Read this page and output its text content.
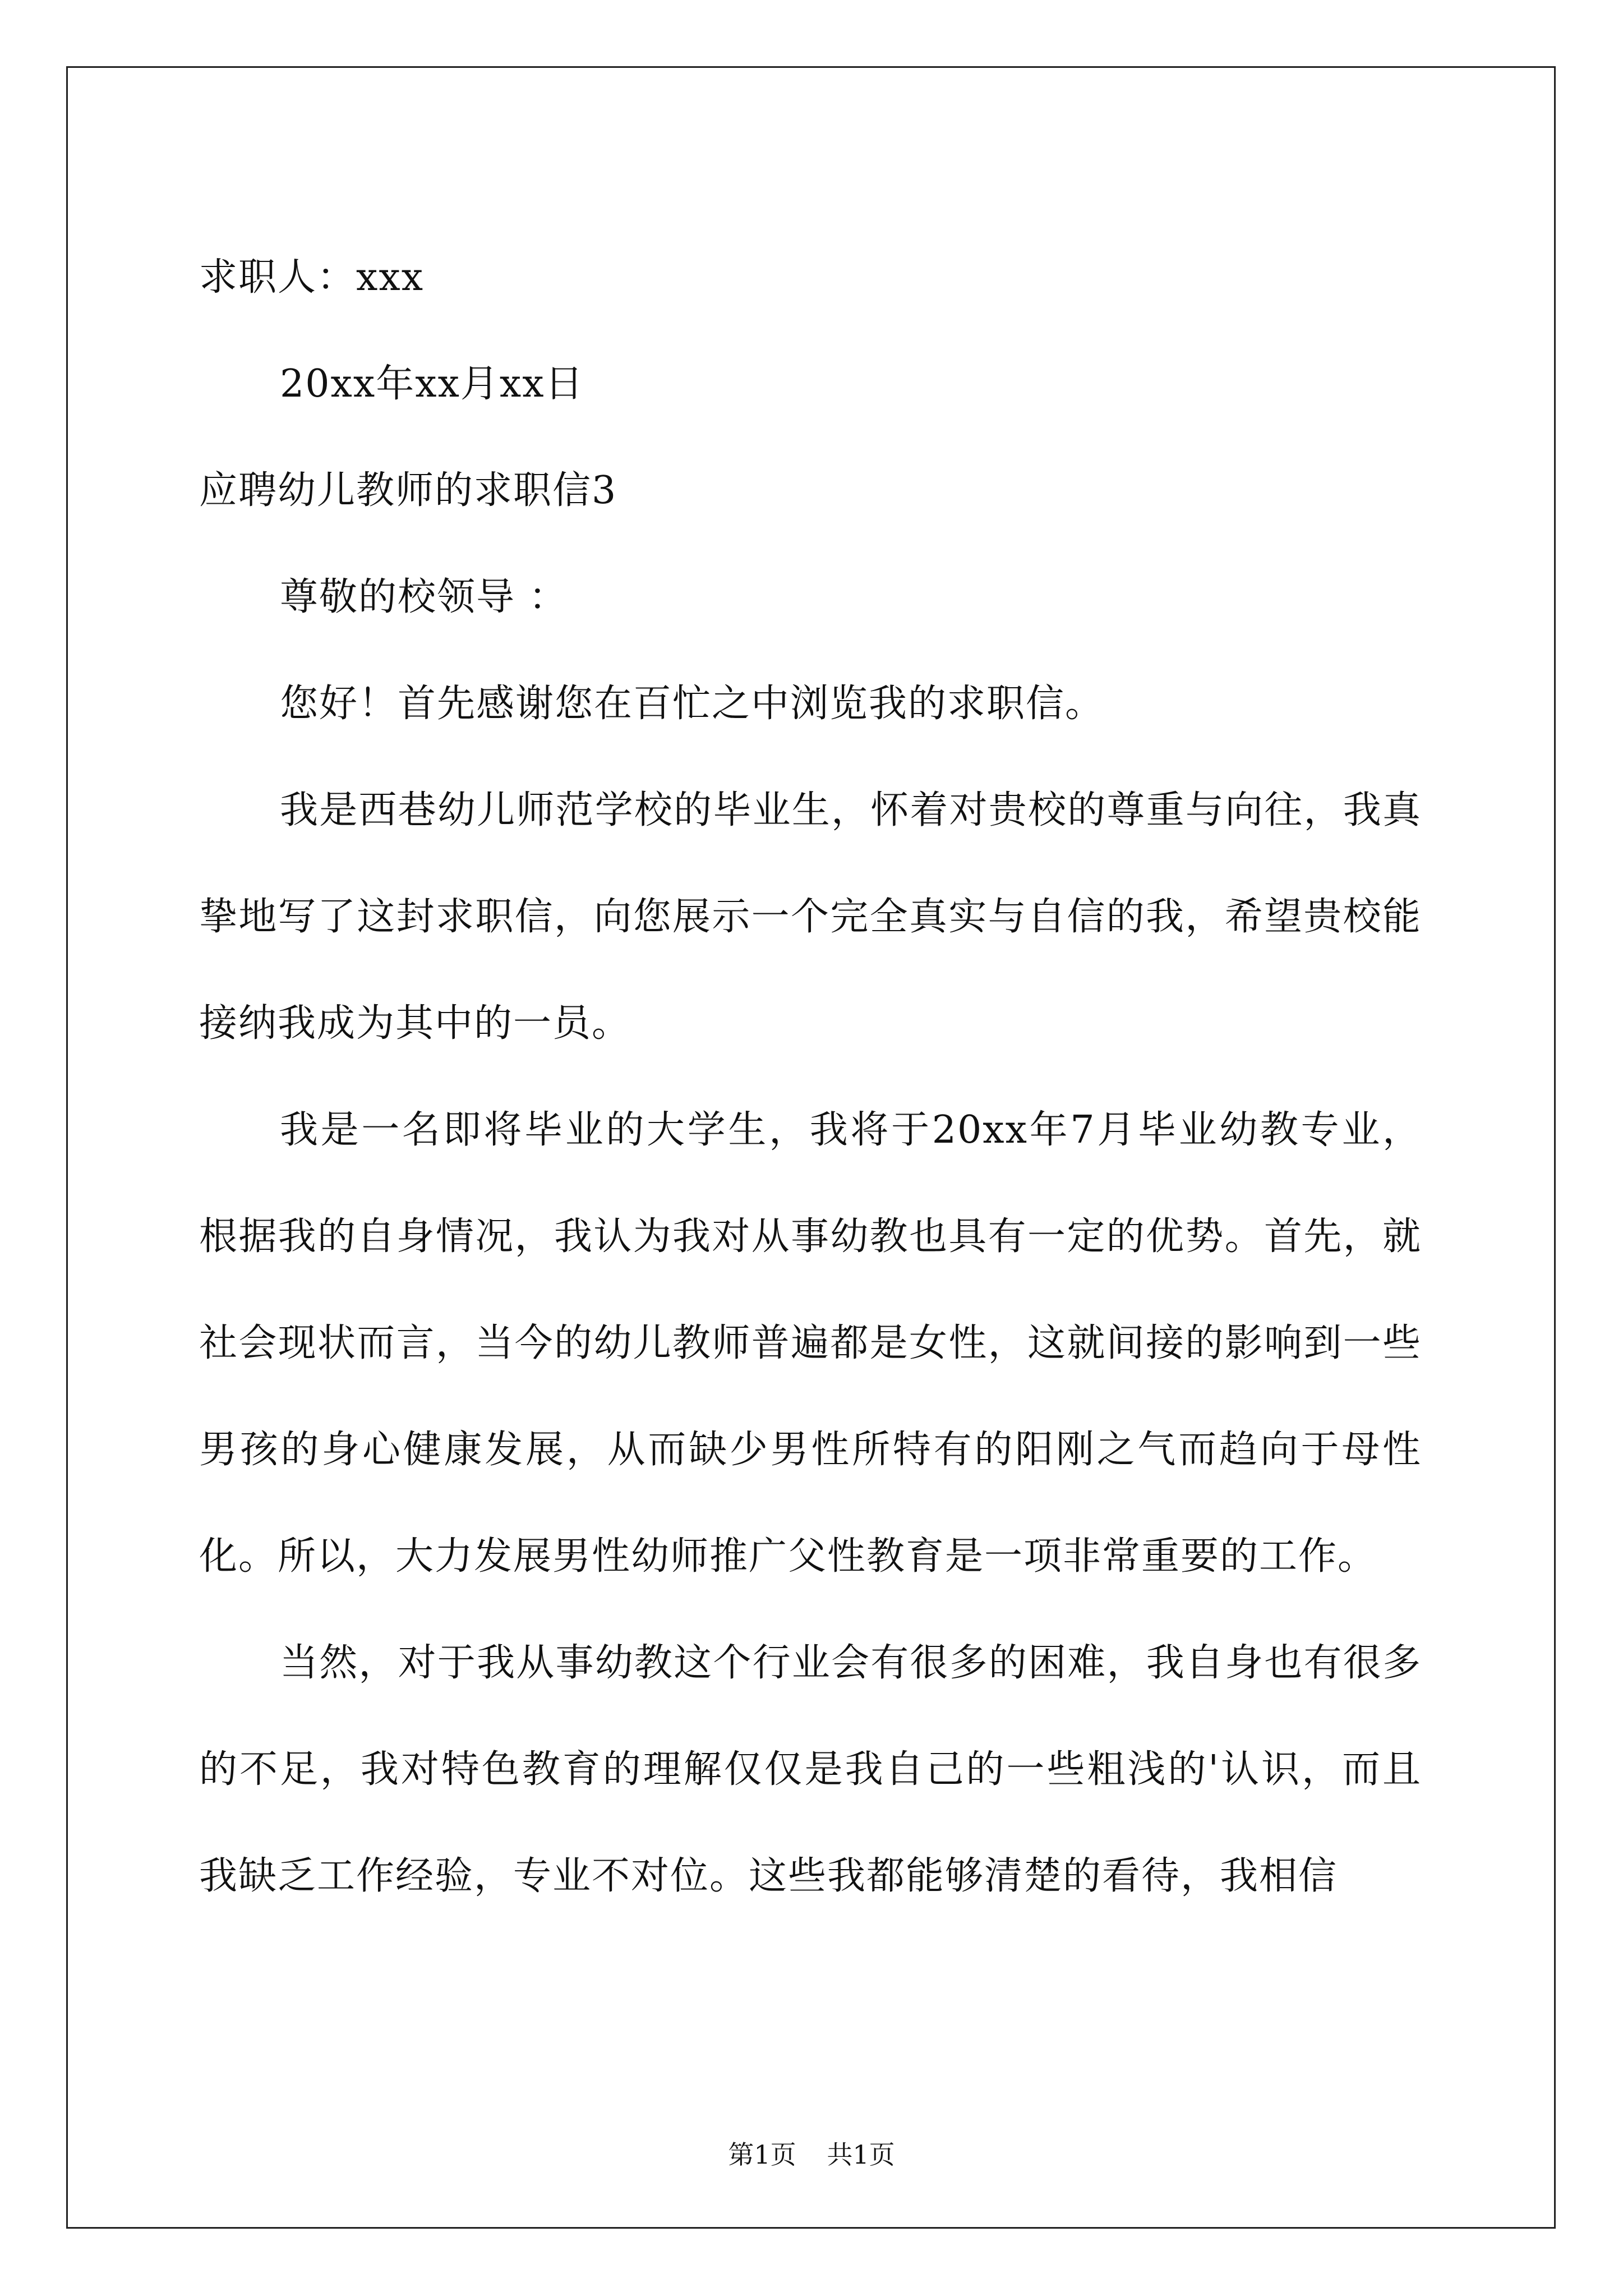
求职人：xxx
20xx年xx月xx日
应聘幼儿教师的求职信3
尊敬的校领导 ：
您好！首先感谢您在百忙之中浏览我的求职信。
我是西巷幼儿师范学校的毕业生，怀着对贵校的尊重与向往，我真挚地写了这封求职信，向您展示一个完全真实与自信的我，希望贵校能接纳我成为其中的一员。
我是一名即将毕业的大学生，我将于20xx年7月毕业幼教专业，根据我的自身情况，我认为我对从事幼教也具有一定的优势。首先，就社会现状而言，当今的幼儿教师普遍都是女性，这就间接的影响到一些男孩的身心健康发展，从而缺少男性所特有的阳刚之气而趋向于母性化。所以，大力发展男性幼师推广父性教育是一项非常重要的工作。
当然，对于我从事幼教这个行业会有很多的困难，我自身也有很多的不足，我对特色教育的理解仅仅是我自己的一些粗浅的'认识，而且我缺乏工作经验，专业不对位。这些我都能够清楚的看待，我相信
第1页 共1页
